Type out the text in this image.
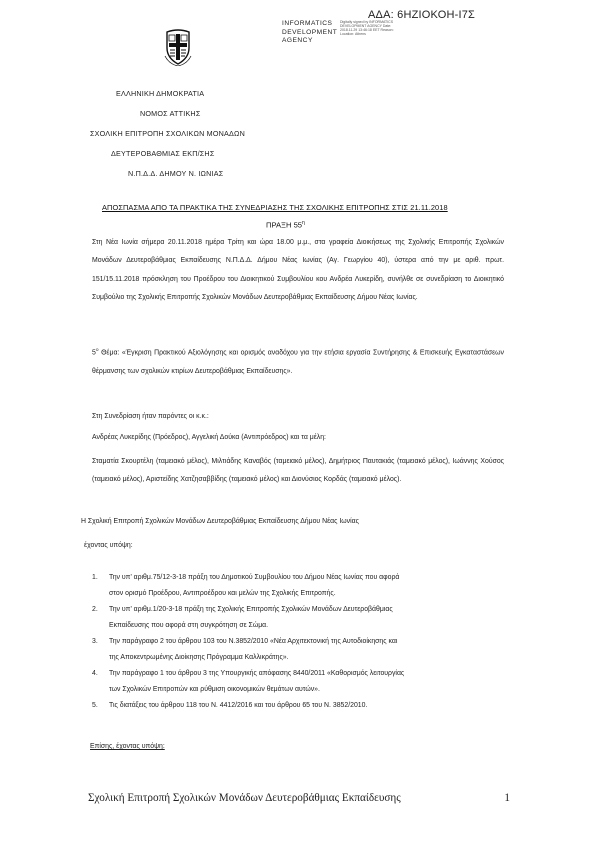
ΑΔΑ: 6ΗΖΙΟΚΟΗ-Ι7Σ
INFORMATICS
DEVELOPMENT
AGENCY
Digitally signed by INFORMATICS DEVELOPMENT AGENCY Date: 2018.11.29 13:46:18 EET Reason: Location: Athens
ΕΛΛΗΝΙΚΗ ΔΗΜΟΚΡΑΤΙΑ
ΝΟΜΟΣ ΑΤΤΙΚΗΣ
ΣΧΟΛΙΚΗ ΕΠΙΤΡΟΠΗ ΣΧΟΛΙΚΩΝ ΜΟΝΑΔΩΝ
ΔΕΥΤΕΡΟΒΑΘΜΙΑΣ ΕΚΠ/ΣΗΣ
Ν.Π.Δ.Δ. ΔΗΜΟΥ Ν. ΙΩΝΙΑΣ
ΑΠΟΣΠΑΣΜΑ ΑΠΟ ΤΑ ΠΡΑΚΤΙΚΑ ΤΗΣ ΣΥΝΕΔΡΙΑΣΗΣ ΤΗΣ ΣΧΟΛΙΚΗΣ ΕΠΙΤΡΟΠΗΣ ΣΤΙΣ 21.11.2018
ΠΡΑΞΗ $55^\eta$
Στη Νέα Ιωνία σήμερα 20.11.2018 ημέρα Τρίτη και ώρα 18.00 μ.μ., στα γραφεία Διοικήσεως της Σχολικής Επιτροπής Σχολικών Μονάδων Δευτεροβάθμιας Εκπαίδευσης Ν.Π.Δ.Δ. Δήμου Νέας Ιωνίας (Αγ. Γεωργίου 40), ύστερα από την με αριθ. πρωτ. 151/15.11.2018 πρόσκληση του Προέδρου του Διοικητικού Συμβουλίου κου Ανδρέα Λυκερίδη, συνήλθε σε συνεδρίαση το Διοικητικό Συμβούλιο της Σχολικής Επιτροπής Σχολικών Μονάδων Δευτεροβάθμιας Εκπαίδευσης Δήμου Νέας Ιωνίας.
$5^o$ Θέμα: «Έγκριση Πρακτικού Αξιολόγησης και ορισμός αναδόχου για την ετήσια εργασία Συντήρησης & Επισκευής Εγκαταστάσεων θέρμανσης των σχολικών κτιρίων Δευτεροβάθμιας Εκπαίδευσης».
Στη Συνεδρίαση ήταν παρόντες οι κ.κ.:
Ανδρέας Λυκερίδης (Πρόεδρος), Αγγελική Δούκα (Αντιπρόεδρος) και τα μέλη:
Σταματία Σκουρτέλη (ταμειακό μέλος), Μιλτιάδης Καναβός (ταμειακό μέλος), Δημήτριος Παυτακιάς (ταμειακό μέλος), Ιωάννης Χούσος (ταμειακό μέλος), Αριστείδης Χατζησαββίδης (ταμειακό μέλος) και Διονύσιος Κορδάς (ταμειακό μέλος).
Η Σχολική Επιτροπή Σχολικών Μονάδων Δευτεροβάθμιας Εκπαίδευσης Δήμου Νέας Ιωνίας
έχοντας υπόψη:
1. Την υπ’ αριθμ.75/12-3-18 πράξη του Δημοτικού Συμβουλίου του Δήμου Νέας Ιωνίας που αφορά
στον ορισμό Προέδρου, Αντιπροέδρου και μελών της Σχολικής Επιτροπής.
2. Την υπ’ αριθμ.1/20-3-18 πράξη της Σχολικής Επιτροπής Σχολικών Μονάδων Δευτεροβάθμιας
Εκπαίδευσης που αφορά στη συγκρότηση σε Σώμα.
3. Την παράγραφο 2 του άρθρου 103 του Ν.3852/2010 «Νέα Αρχιτεκτονική της Αυτοδιοίκησης και
της Αποκεντρωμένης Διοίκησης Πρόγραμμα Καλλικράτης».
4. Την παράγραφο 1 του άρθρου 3 της Υπουργικής απόφασης 8440/2011 «Καθορισμός λειτουργίας
των Σχολικών Επιτροπών και ρύθμιση οικονομικών θεμάτων αυτών».
5. Τις διατάξεις του άρθρου 118 του Ν. 4412/2016 και του άρθρου 65 του Ν. 3852/2010.
Επίσης, έχοντας υπόψη:
Σχολική Επιτροπή Σχολικών Μονάδων Δευτεροβάθμιας Εκπαίδευσης	1
